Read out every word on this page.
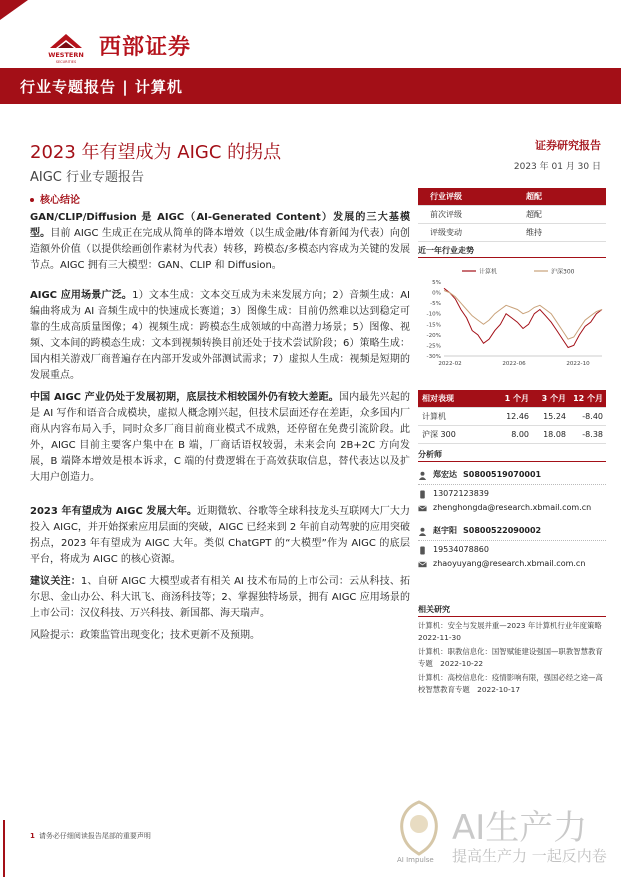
WESTERN
SECURITIES
西部证券
行业专题报告 | 计算机
2023 年有望成为 AIGC 的拐点
AIGC 行业专题报告
证券研究报告
2023 年 01 月 30 日
核心结论
GAN/CLIP/Diffusion 是 AIGC（AI-Generated Content）发展的三大基模型。目前 AIGC 生成正在完成从简单的降本增效（以生成金融/体育新闻为代表）向创造额外价值（以提供绘画创作素材为代表）转移，跨模态/多模态内容成为关键的发展节点。AIGC 拥有三大模型：GAN、CLIP 和 Diffusion。
AIGC 应用场景广泛。1）文本生成：文本交互成为未来发展方向；2）音频生成：AI 编曲将成为 AI 音频生成中的快速成长赛道；3）图像生成：目前仍然难以达到稳定可靠的生成高质量图像；4）视频生成：跨模态生成领域的中高潜力场景；5）图像、视频、文本间的跨模态生成：文本到视频转换目前还处于技术尝试阶段；6）策略生成：国内相关游戏厂商普遍存在内部开发或外部测试需求；7）虚拟人生成：视频是短期的发展重点。
中国 AIGC 产业仍处于发展初期，底层技术相较国外仍有较大差距。国内最先兴起的是 AI 写作和语音合成模块，虚拟人概念刚兴起，但技术层面还存在差距，众多国内厂商从内容布局入手，同时众多厂商目前商业模式不成熟，还停留在免费引流阶段。此外，AIGC 目前主要客户集中在 B 端，厂商话语权较弱，未来会向 2B+2C 方向发展，B 端降本增效是根本诉求，C 端的付费逻辑在于高效获取信息，替代表达以及扩大用户创造力。
2023 年有望成为 AIGC 发展大年。近期微软、谷歌等全球科技龙头互联网大厂大力投入 AIGC，并开始探索应用层面的突破，AIGC 已经来到 2 年前自动驾驶的应用突破拐点，2023 年有望成为 AIGC 大年。类似 ChatGPT 的“大模型”作为 AIGC 的底层平台，将成为 AIGC 的核心资源。
建议关注：1、自研 AIGC 大模型或者有相关 AI 技术布局的上市公司：云从科技、拓尔思、金山办公、科大讯飞、商汤科技等；2、掌握独特场景，拥有 AIGC 应用场景的上市公司：汉仪科技、万兴科技、新国都、海天瑞声。
风险提示：政策监管出现变化；技术更新不及预期。
行业评级	超配
前次评级	超配
评级变动	维持
近一年行业走势
计算机	沪深300
5%
0%
-5%
-10%
-15%
-20%
-25%
-30%
2022-02	2022-06	2022-10
相对表现	1 个月	3 个月 12 个月
计算机	12.46	15.24	-8.40
沪深 300	8.00	18.08	-8.38
分析师
郑宏达 S0800519070001
13072123839
zhenghongda@research.xbmail.com.cn
赵宇阳 S0800522090002
19534078860
zhaoyuyang@research.xbmail.com.cn
相关研究
计算机：安全与发展并重—2023 年计算机行业年度策略　2022-11-30
计算机：职教信息化：国智赋能建设强国—职教智慧教育专题　2022-10-22
计算机：高校信息化：疫情影响有限，强国必经之途—高校智慧教育专题　2022-10-17
1 请务必仔细阅读报告尾部的重要声明	AI生产力
提高生产力 一起反内卷
AI Impulse
